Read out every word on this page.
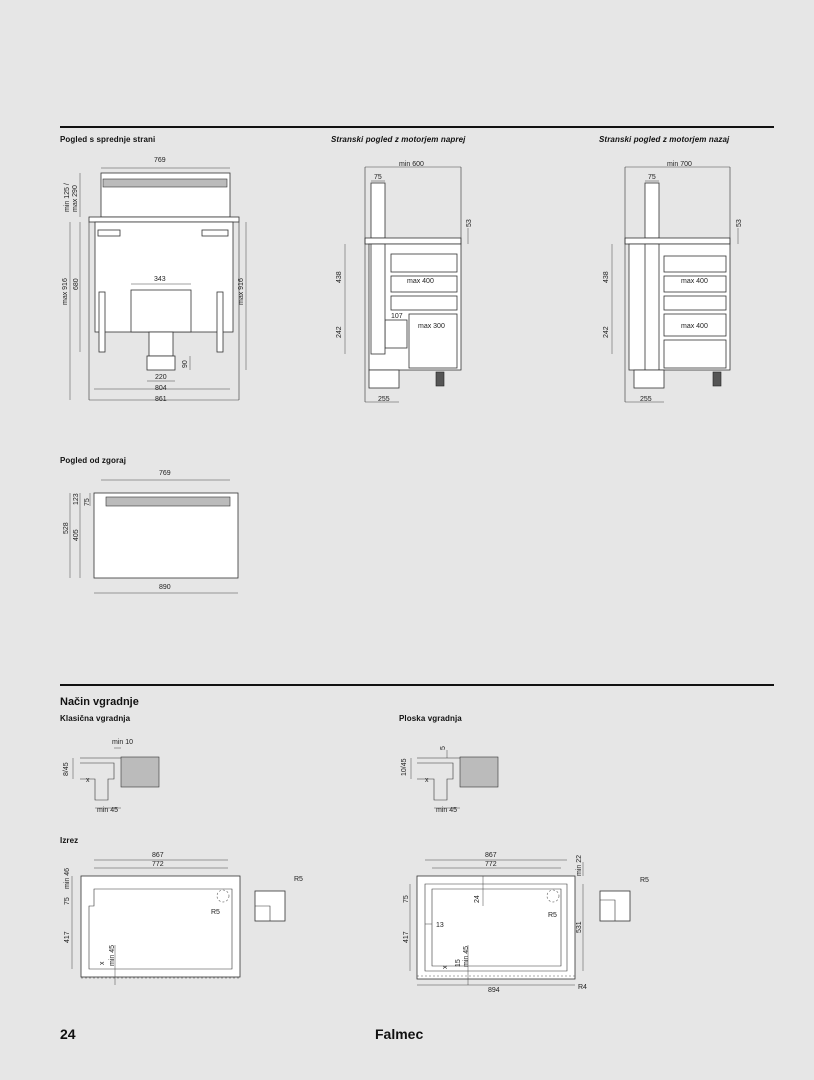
Pogled s sprednje strani	Stranski pogled z motorjem naprej	Stranski pogled z motorjem nazaj
Pogled od zgoraj
Način vgradnje
Klasična vgradnja	Ploska vgradnja
Izrez
769
min 125 / max 290
680
max 916	max 916
343
90
220
804
861
min 600
75
53
438
242
max 400
107
max 300
255
min 700
75
53
438
242
max 400
max 400
255
769
123 75
528
405
890
min 10
8/45
x
min 45
5
10/45
x
min 45
867
772
min 46
75
417
R5
R5
x min 45
867
772	min 22
75
417
24
13	531
R5
R5
x
15 min 45
894	R4
24	Falmec
